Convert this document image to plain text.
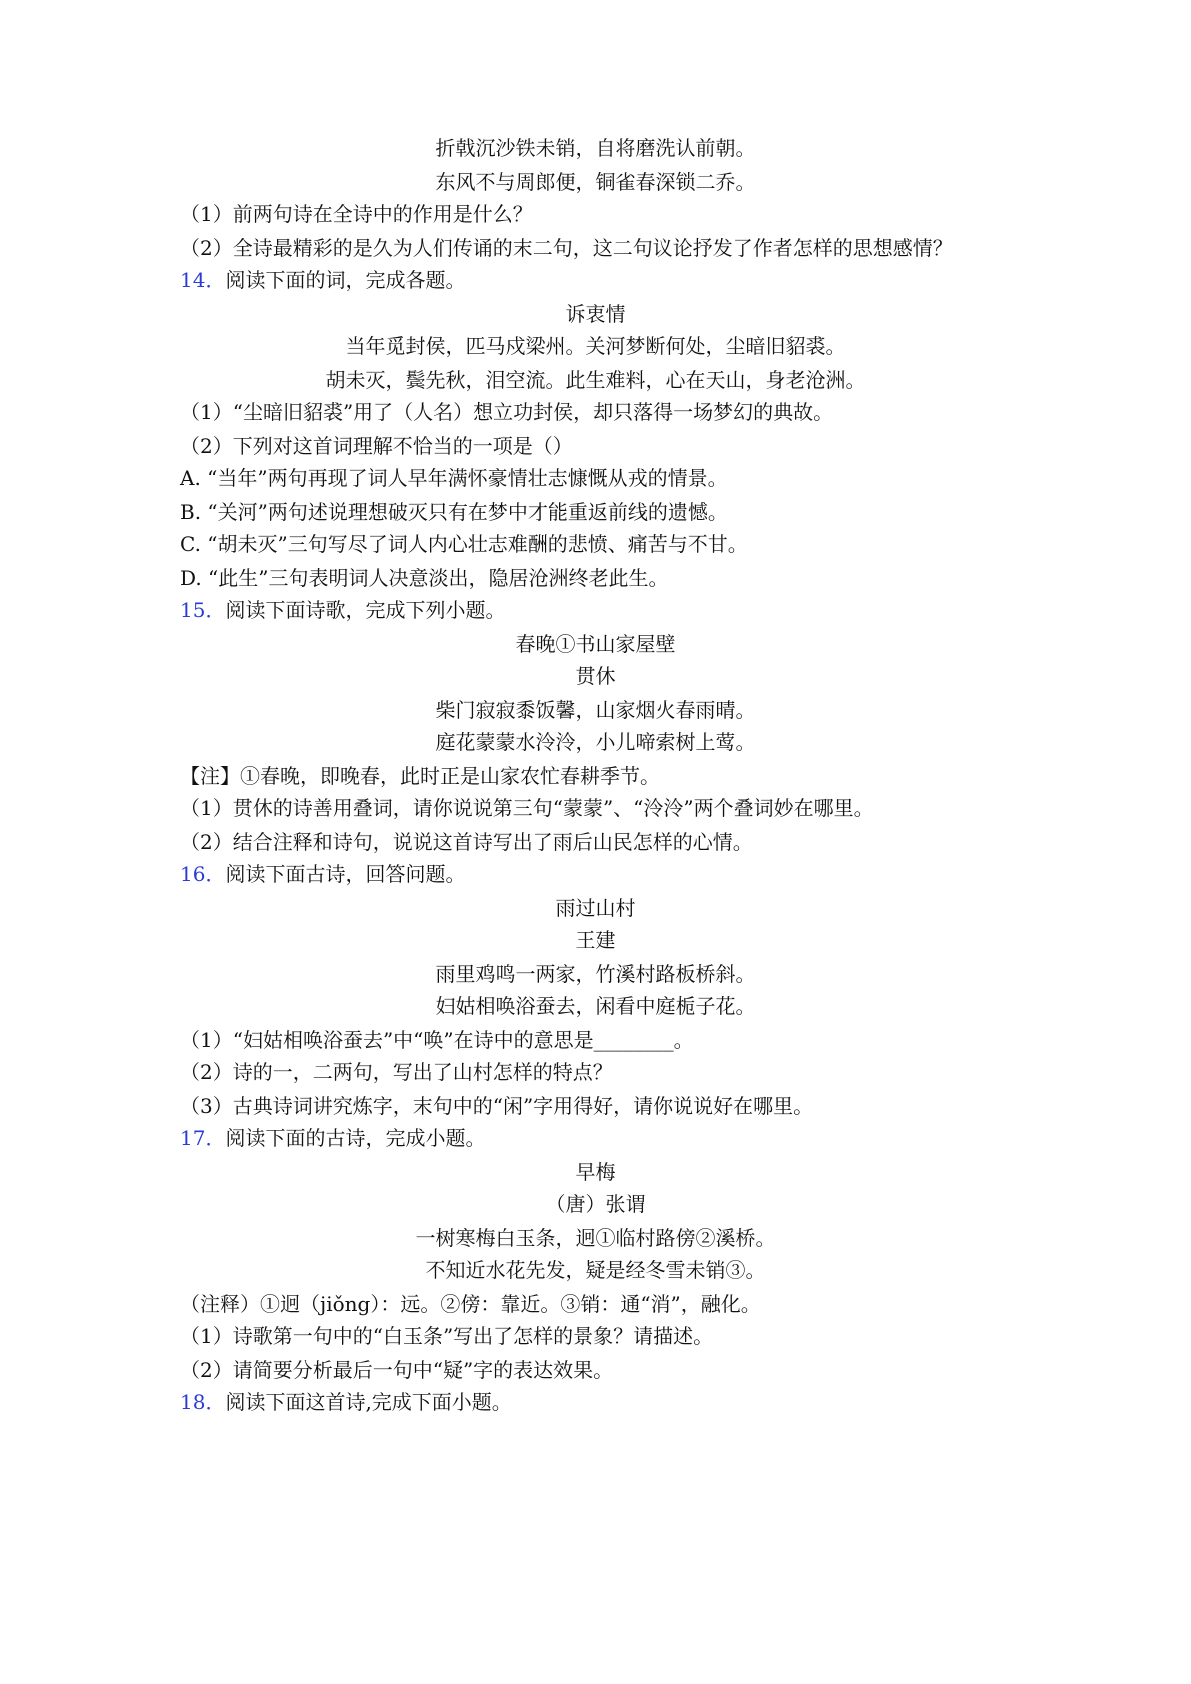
折戟沉沙铁未销，自将磨洗认前朝。
东风不与周郎便，铜雀春深锁二乔。
（1）前两句诗在全诗中的作用是什么？
（2）全诗最精彩的是久为人们传诵的末二句，这二句议论抒发了作者怎样的思想感情？
14．阅读下面的词，完成各题。
诉衷情
当年觅封侯，匹马戍梁州。关河梦断何处，尘暗旧貂裘。
胡未灭，鬓先秋，泪空流。此生难料，心在天山，身老沧洲。
（1）“尘暗旧貂裘”用了（人名）想立功封侯，却只落得一场梦幻的典故。
（2）下列对这首词理解不恰当的一项是（）
A. “当年”两句再现了词人早年满怀豪情壮志慷慨从戎的情景。
B. “关河”两句述说理想破灭只有在梦中才能重返前线的遗憾。
C. “胡未灭”三句写尽了词人内心壮志难酬的悲愤、痛苦与不甘。
D. “此生”三句表明词人决意淡出，隐居沧洲终老此生。
15．阅读下面诗歌，完成下列小题。
春晚①书山家屋壁
贯休
柴门寂寂黍饭馨，山家烟火春雨晴。
庭花蒙蒙水泠泠，小儿啼索树上莺。
【注】①春晚，即晚春，此时正是山家农忙春耕季节。
（1）贯休的诗善用叠词，请你说说第三句“蒙蒙”、“泠泠”两个叠词妙在哪里。
（2）结合注释和诗句，说说这首诗写出了雨后山民怎样的心情。
16．阅读下面古诗，回答问题。
雨过山村
王建
雨里鸡鸣一两家，竹溪村路板桥斜。
妇姑相唤浴蚕去，闲看中庭栀子花。
（1）“妇姑相唤浴蚕去”中“唤”在诗中的意思是________。
（2）诗的一，二两句，写出了山村怎样的特点？
（3）古典诗词讲究炼字，末句中的“闲”字用得好，请你说说好在哪里。
17．阅读下面的古诗，完成小题。
早梅
（唐）张谓
一树寒梅白玉条，迥①临村路傍②溪桥。
不知近水花先发，疑是经冬雪未销③。
（注释）①迥（jiǒng）：远。②傍：靠近。③销：通“消”，融化。
（1）诗歌第一句中的“白玉条”写出了怎样的景象？请描述。
（2）请简要分析最后一句中“疑”字的表达效果。
18．阅读下面这首诗,完成下面小题。
